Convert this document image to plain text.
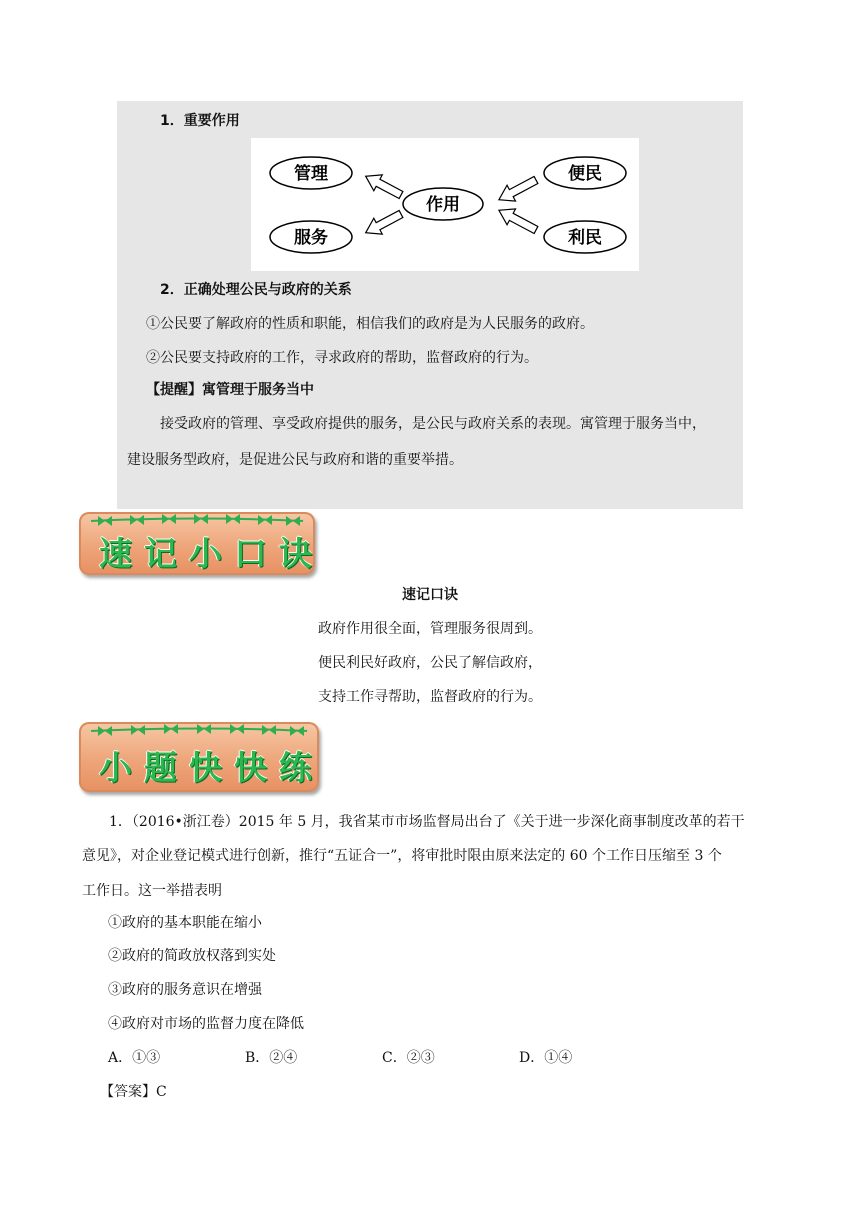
1．重要作用
管理
服务
作用
便民
利民
2．正确处理公民与政府的关系
①公民要了解政府的性质和职能，相信我们的政府是为人民服务的政府。
②公民要支持政府的工作，寻求政府的帮助，监督政府的行为。
【提醒】寓管理于服务当中
接受政府的管理、享受政府提供的服务，是公民与政府关系的表现。寓管理于服务当中，
建设服务型政府，是促进公民与政府和谐的重要举措。
速记小口诀
速记口诀
政府作用很全面，管理服务很周到。
便民利民好政府，公民了解信政府，
支持工作寻帮助，监督政府的行为。
小题快快练
1．（2016•浙江卷）2015 年 5 月，我省某市市场监督局出台了《关于进一步深化商事制度改革的若干
意见》，对企业登记模式进行创新，推行“五证合一”，将审批时限由原来法定的 60 个工作日压缩至 3 个
工作日。这一举措表明
①政府的基本职能在缩小
②政府的简政放权落到实处
③政府的服务意识在增强
④政府对市场的监督力度在降低
A．①③	B．②④	C．②③	D．①④
【答案】C
